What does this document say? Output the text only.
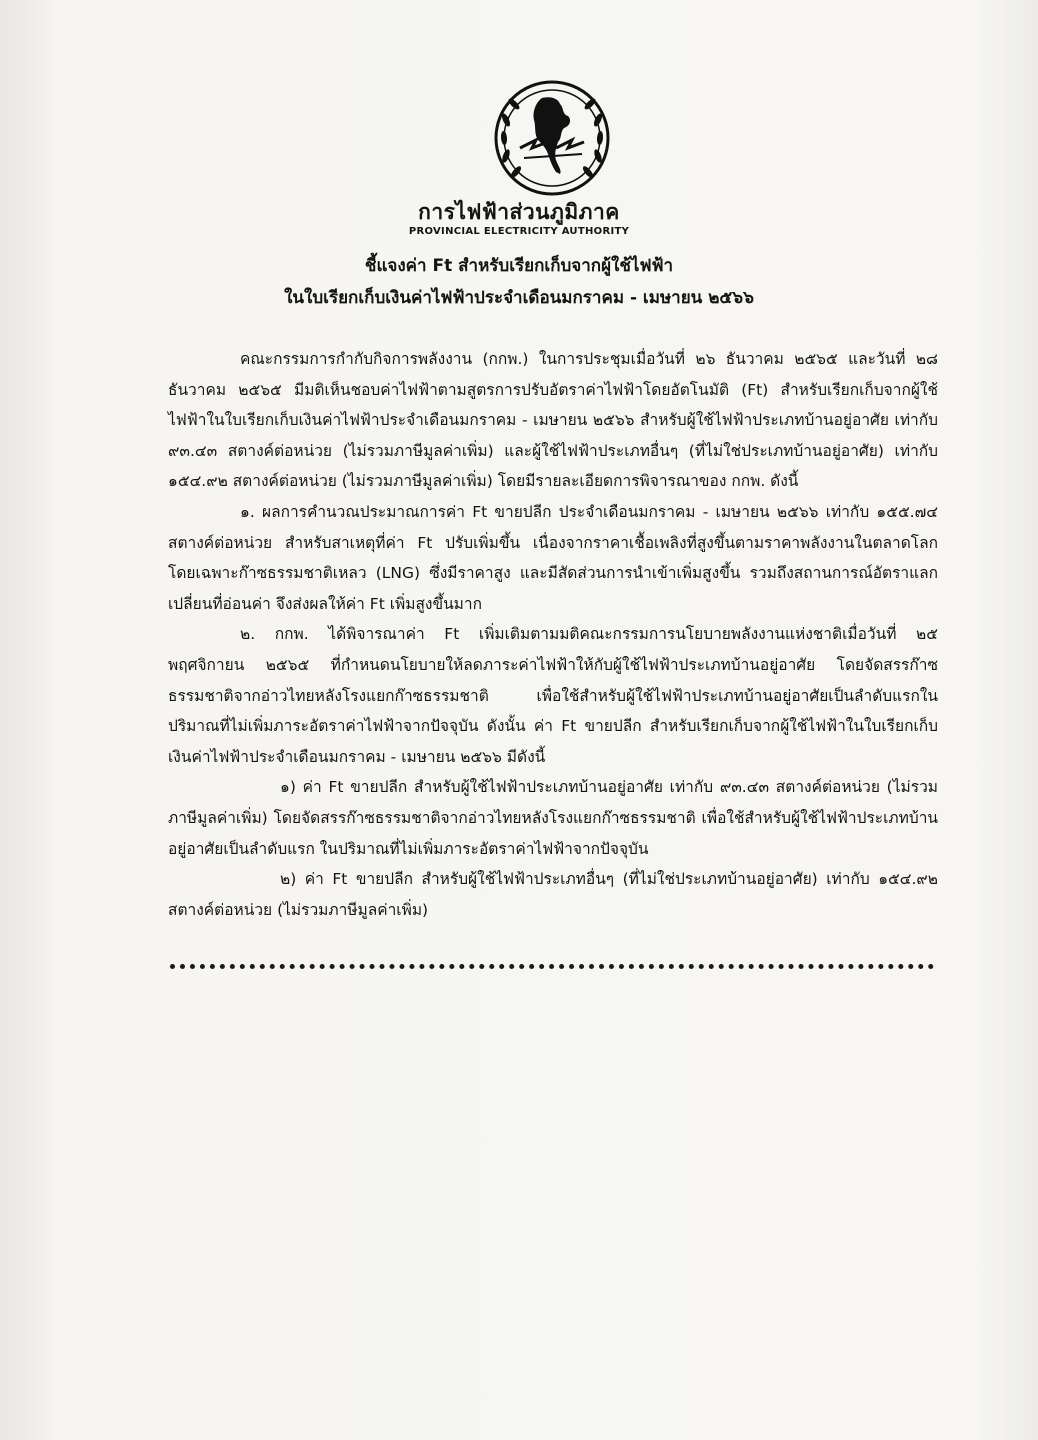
การไฟฟ้าส่วนภูมิภาค
PROVINCIAL ELECTRICITY AUTHORITY
ชี้แจงค่า Ft สำหรับเรียกเก็บจากผู้ใช้ไฟฟ้า
ในใบเรียกเก็บเงินค่าไฟฟ้าประจำเดือนมกราคม - เมษายน ๒๕๖๖

คณะกรรมการกำกับกิจการพลังงาน (กกพ.) ในการประชุมเมื่อวันที่ ๒๖ ธันวาคม ๒๕๖๕ และวันที่ ๒๘ ธันวาคม ๒๕๖๕ มีมติเห็นชอบค่าไฟฟ้าตามสูตรการปรับอัตราค่าไฟฟ้าโดยอัตโนมัติ (Ft) สำหรับเรียกเก็บจากผู้ใช้ไฟฟ้าในใบเรียกเก็บเงินค่าไฟฟ้าประจำเดือนมกราคม - เมษายน ๒๕๖๖ สำหรับผู้ใช้ไฟฟ้าประเภทบ้านอยู่อาศัย เท่ากับ ๙๓.๔๓ สตางค์ต่อหน่วย (ไม่รวมภาษีมูลค่าเพิ่ม) และผู้ใช้ไฟฟ้าประเภทอื่นๆ (ที่ไม่ใช่ประเภทบ้านอยู่อาศัย) เท่ากับ ๑๕๔.๙๒ สตางค์ต่อหน่วย (ไม่รวมภาษีมูลค่าเพิ่ม) โดยมีรายละเอียดการพิจารณาของ กกพ. ดังนี้

๑. ผลการคำนวณประมาณการค่า Ft ขายปลีก ประจำเดือนมกราคม - เมษายน ๒๕๖๖ เท่ากับ ๑๕๕.๗๔ สตางค์ต่อหน่วย สำหรับสาเหตุที่ค่า Ft ปรับเพิ่มขึ้น เนื่องจากราคาเชื้อเพลิงที่สูงขึ้นตามราคาพลังงานในตลาดโลก โดยเฉพาะก๊าซธรรมชาติเหลว (LNG) ซึ่งมีราคาสูง และมีสัดส่วนการนำเข้าเพิ่มสูงขึ้น รวมถึงสถานการณ์อัตราแลกเปลี่ยนที่อ่อนค่า จึงส่งผลให้ค่า Ft เพิ่มสูงขึ้นมาก

๒. กกพ. ได้พิจารณาค่า Ft เพิ่มเติมตามมติคณะกรรมการนโยบายพลังงานแห่งชาติเมื่อวันที่ ๒๕ พฤศจิกายน ๒๕๖๕ ที่กำหนดนโยบายให้ลดภาระค่าไฟฟ้าให้กับผู้ใช้ไฟฟ้าประเภทบ้านอยู่อาศัย โดยจัดสรรก๊าซธรรมชาติจากอ่าวไทยหลังโรงแยกก๊าซธรรมชาติ เพื่อใช้สำหรับผู้ใช้ไฟฟ้าประเภทบ้านอยู่อาศัยเป็นลำดับแรกในปริมาณที่ไม่เพิ่มภาระอัตราค่าไฟฟ้าจากปัจจุบัน ดังนั้น ค่า Ft ขายปลีก สำหรับเรียกเก็บจากผู้ใช้ไฟฟ้าในใบเรียกเก็บเงินค่าไฟฟ้าประจำเดือนมกราคม - เมษายน ๒๕๖๖ มีดังนี้

๑) ค่า Ft ขายปลีก สำหรับผู้ใช้ไฟฟ้าประเภทบ้านอยู่อาศัย เท่ากับ ๙๓.๔๓ สตางค์ต่อหน่วย (ไม่รวมภาษีมูลค่าเพิ่ม) โดยจัดสรรก๊าซธรรมชาติจากอ่าวไทยหลังโรงแยกก๊าซธรรมชาติ เพื่อใช้สำหรับผู้ใช้ไฟฟ้าประเภทบ้านอยู่อาศัยเป็นลำดับแรก ในปริมาณที่ไม่เพิ่มภาระอัตราค่าไฟฟ้าจากปัจจุบัน

๒) ค่า Ft ขายปลีก สำหรับผู้ใช้ไฟฟ้าประเภทอื่นๆ (ที่ไม่ใช่ประเภทบ้านอยู่อาศัย) เท่ากับ ๑๕๔.๙๒ สตางค์ต่อหน่วย (ไม่รวมภาษีมูลค่าเพิ่ม)
